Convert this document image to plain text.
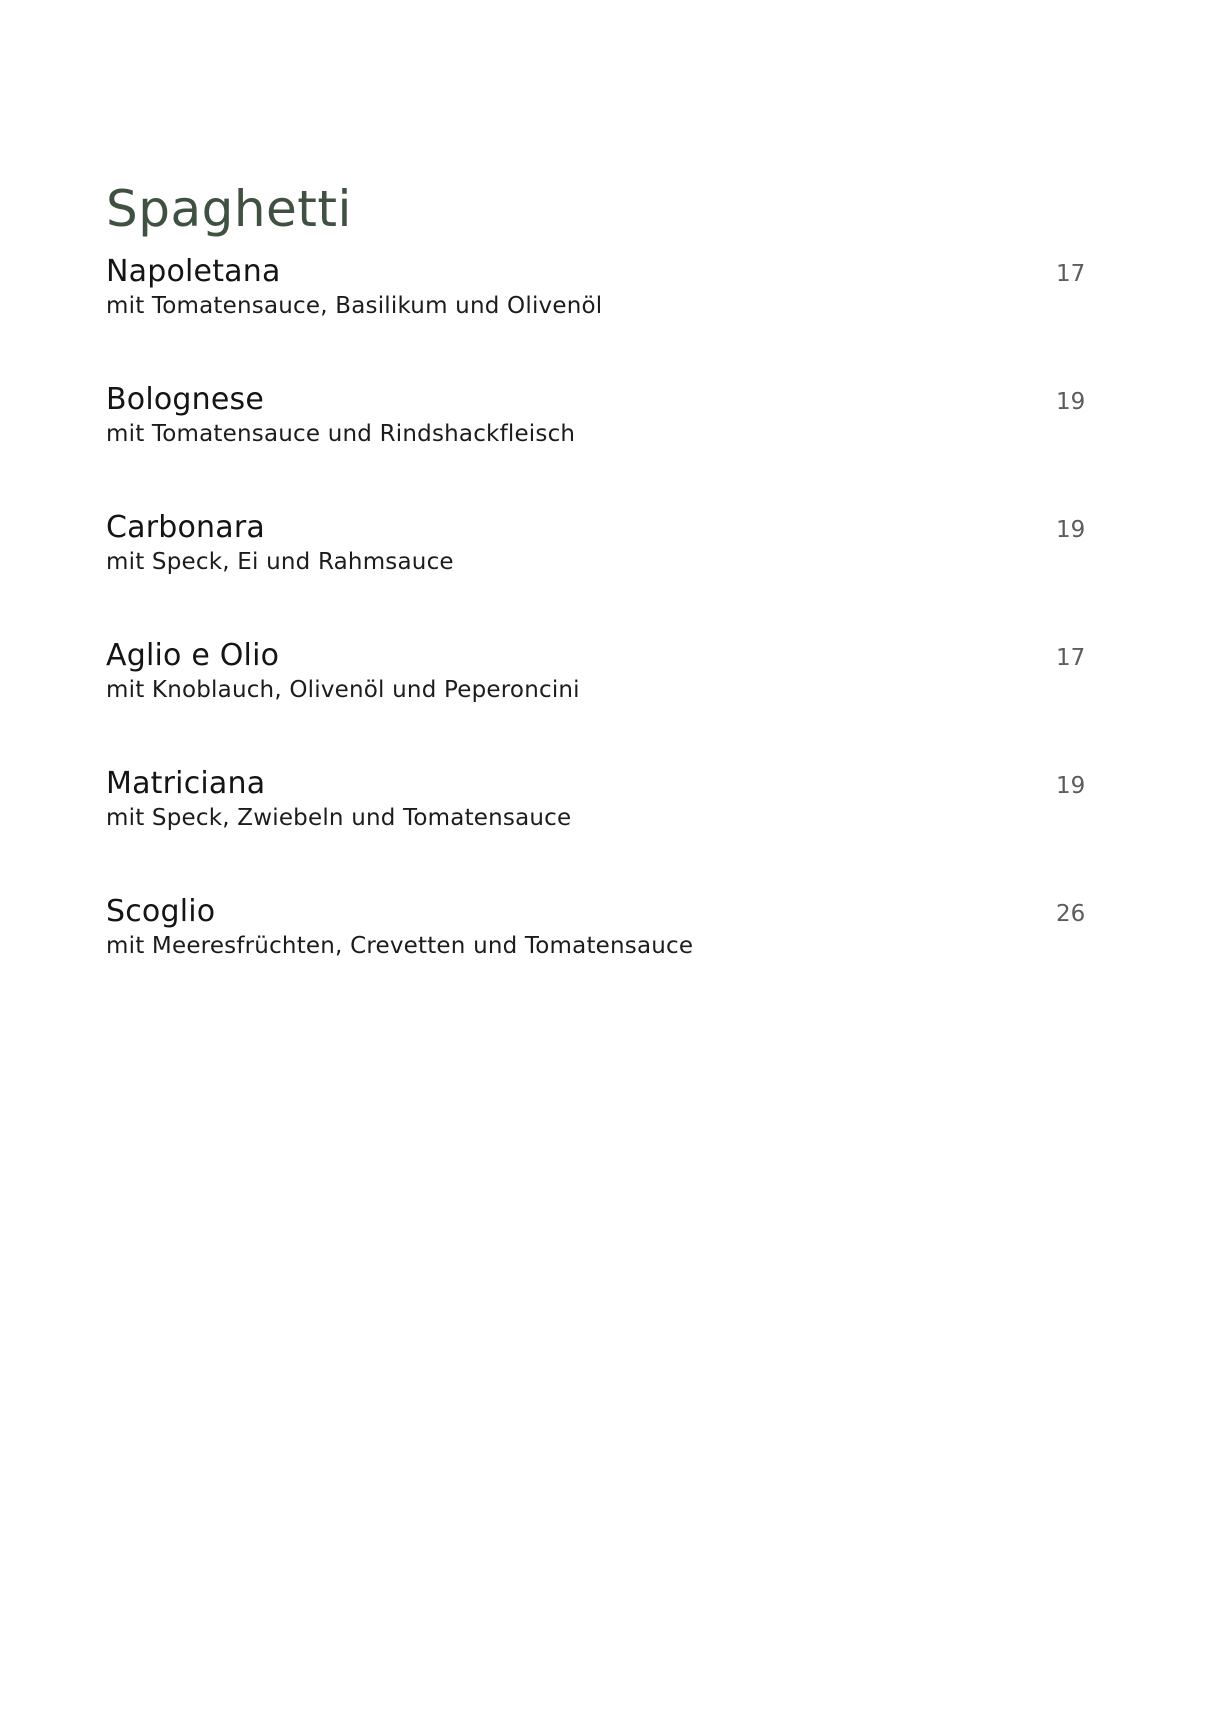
Spaghetti
Napoletana
mit Tomatensauce, Basilikum und Olivenöl
17
Bolognese
mit Tomatensauce und Rindshackfleisch
19
Carbonara
mit Speck, Ei und Rahmsauce
19
Aglio e Olio
mit Knoblauch, Olivenöl und Peperoncini
17
Matriciana
mit Speck, Zwiebeln und Tomatensauce
19
Scoglio
mit Meeresfrüchten, Crevetten und Tomatensauce
26
